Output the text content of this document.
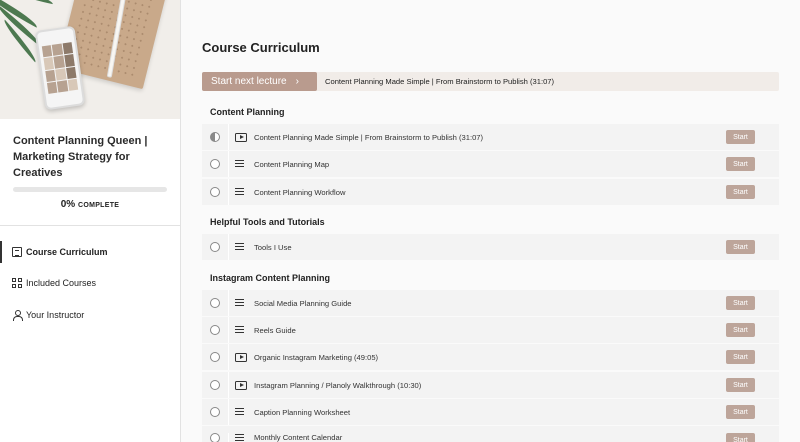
Content Planning Queen | Marketing Strategy for Creatives
0% COMPLETE
Course Curriculum
Included Courses
Your Instructor
Course Curriculum
Start next lecture ›	Content Planning Made Simple | From Brainstorm to Publish (31:07)
Content Planning
Content Planning Made Simple | From Brainstorm to Publish (31:07)	Start
Content Planning Map	Start
Content Planning Workflow	Start
Helpful Tools and Tutorials
Tools I Use	Start
Instagram Content Planning
Social Media Planning Guide	Start
Reels Guide	Start
Organic Instagram Marketing (49:05)	Start
Instagram Planning / Planoly Walkthrough (10:30)	Start
Caption Planning Worksheet	Start
Monthly Content Calendar	Start
